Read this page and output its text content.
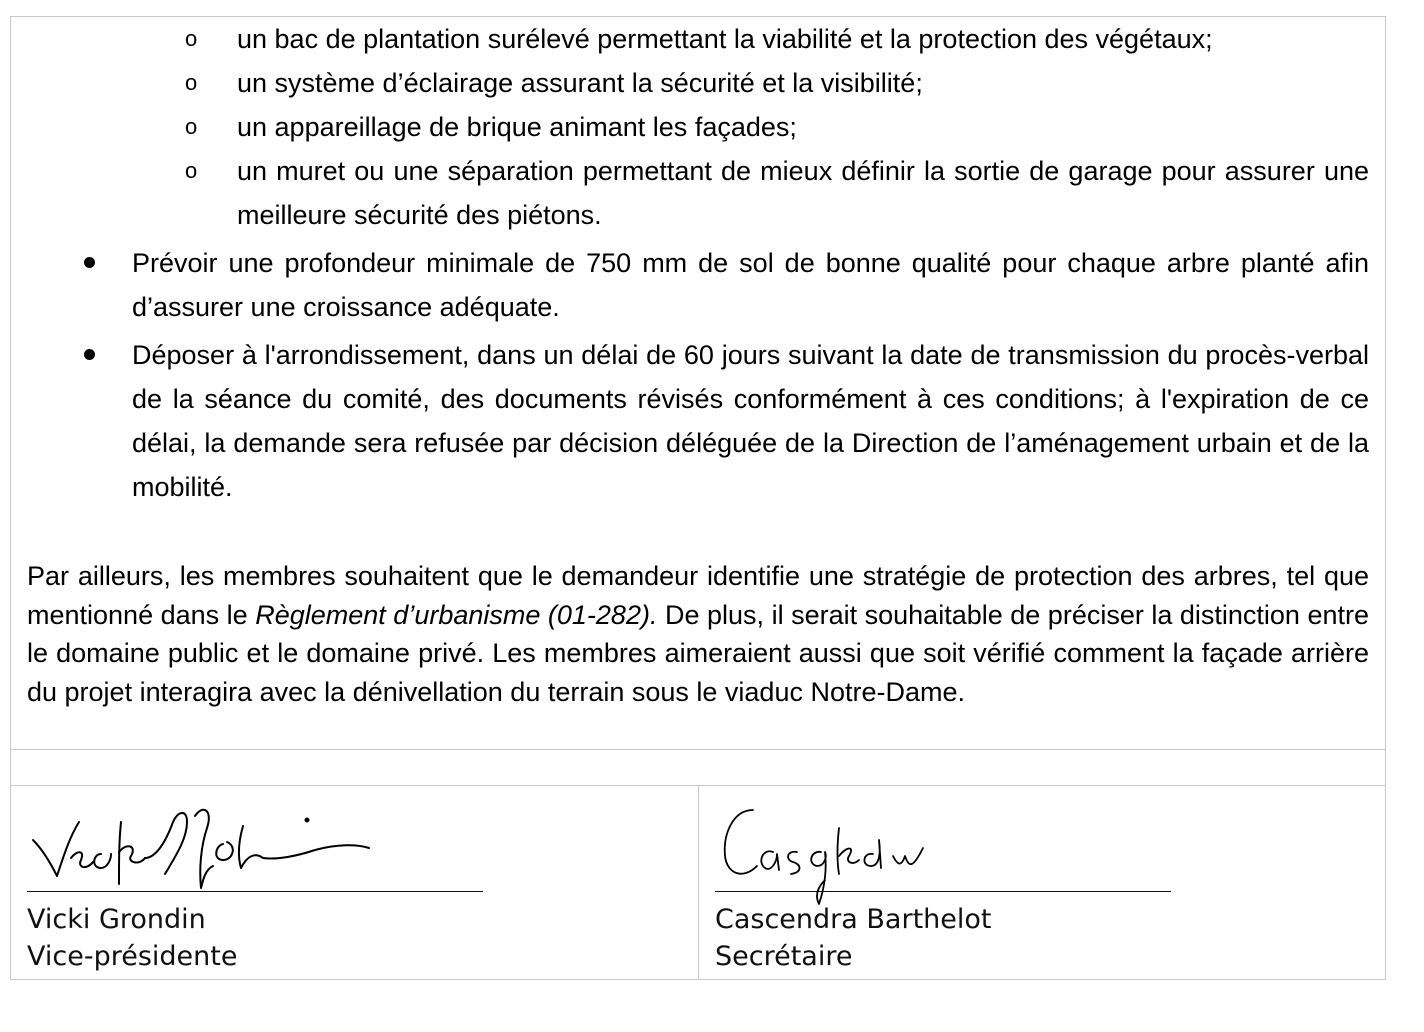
o un bac de plantation surélevé permettant la viabilité et la protection des végétaux;
o un système d’éclairage assurant la sécurité et la visibilité;
o un appareillage de brique animant les façades;
o un muret ou une séparation permettant de mieux définir la sortie de garage pour assurer une meilleure sécurité des piétons.
Prévoir une profondeur minimale de 750 mm de sol de bonne qualité pour chaque arbre planté afin d’assurer une croissance adéquate.
Déposer à l'arrondissement, dans un délai de 60 jours suivant la date de transmission du procès-verbal de la séance du comité, des documents révisés conformément à ces conditions; à l'expiration de ce délai, la demande sera refusée par décision déléguée de la Direction de l’aménagement urbain et de la mobilité.
Par ailleurs, les membres souhaitent que le demandeur identifie une stratégie de protection des arbres, tel que mentionné dans le Règlement d’urbanisme (01-282). De plus, il serait souhaitable de préciser la distinction entre le domaine public et le domaine privé. Les membres aimeraient aussi que soit vérifié comment la façade arrière du projet interagira avec la dénivellation du terrain sous le viaduc Notre-Dame.
Vicki Grondin
Vice-présidente
Cascendra Barthelot
Secrétaire
